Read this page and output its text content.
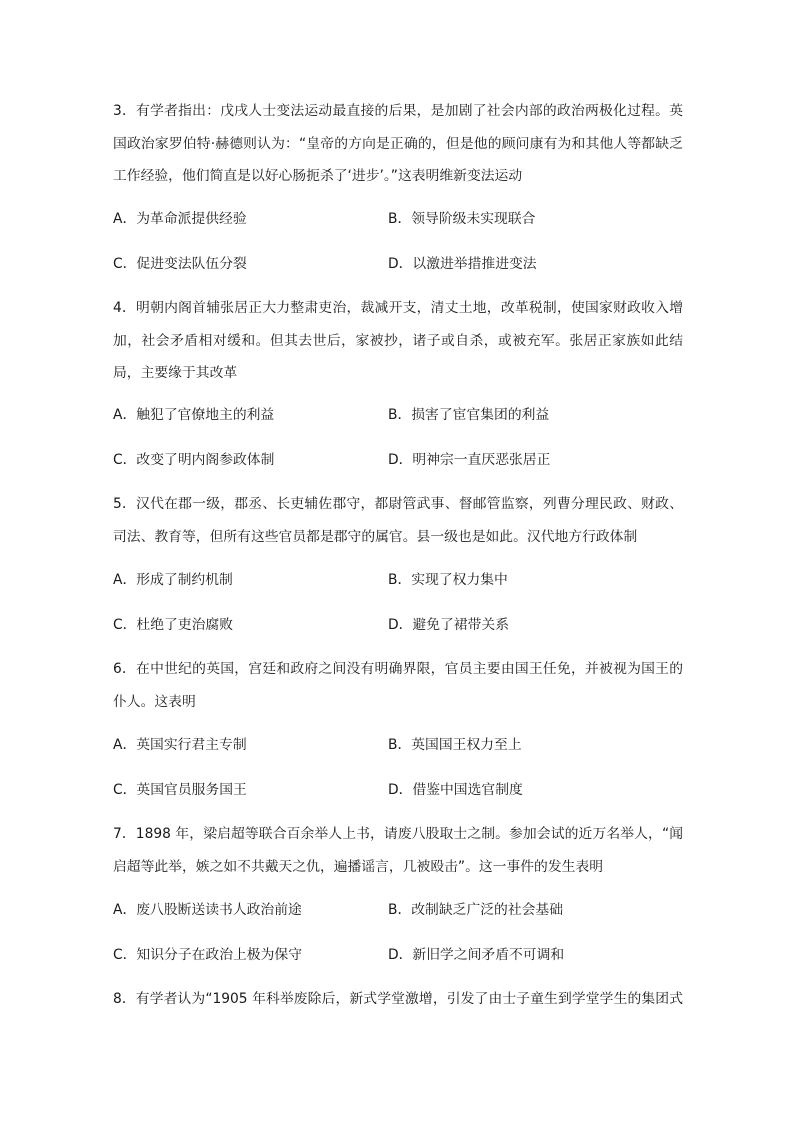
3．有学者指出：戊戌人士变法运动最直接的后果，是加剧了社会内部的政治两极化过程。英国政治家罗伯特·赫德则认为：“皇帝的方向是正确的，但是他的顾问康有为和其他人等都缺乏工作经验，他们简直是以好心肠扼杀了‘进步’。”这表明维新变法运动
A．为革命派提供经验	B．领导阶级未实现联合
C．促进变法队伍分裂	D．以激进举措推进变法
4．明朝内阁首辅张居正大力整肃吏治，裁减开支，清丈土地，改革税制，使国家财政收入增加，社会矛盾相对缓和。但其去世后，家被抄，诸子或自杀，或被充军。张居正家族如此结局，主要缘于其改革
A．触犯了官僚地主的利益	B．损害了宦官集团的利益
C．改变了明内阁参政体制	D．明神宗一直厌恶张居正
5．汉代在郡一级，郡丞、长吏辅佐郡守，都尉管武事、督邮管监察，列曹分理民政、财政、司法、教育等，但所有这些官员都是郡守的属官。县一级也是如此。汉代地方行政体制
A．形成了制约机制	B．实现了权力集中
C．杜绝了吏治腐败	D．避免了裙带关系
6．在中世纪的英国，宫廷和政府之间没有明确界限，官员主要由国王任免，并被视为国王的仆人。这表明
A．英国实行君主专制	B．英国国王权力至上
C．英国官员服务国王	D．借鉴中国选官制度
7．1898 年，梁启超等联合百余举人上书，请废八股取士之制。参加会试的近万名举人，“闻启超等此举，嫉之如不共戴天之仇，遍播谣言，几被殴击”。这一事件的发生表明
A．废八股断送读书人政治前途	B．改制缺乏广泛的社会基础
C．知识分子在政治上极为保守	D．新旧学之间矛盾不可调和
8．有学者认为“1905 年科举废除后，新式学堂激增，引发了由士子童生到学堂学生的集团式
